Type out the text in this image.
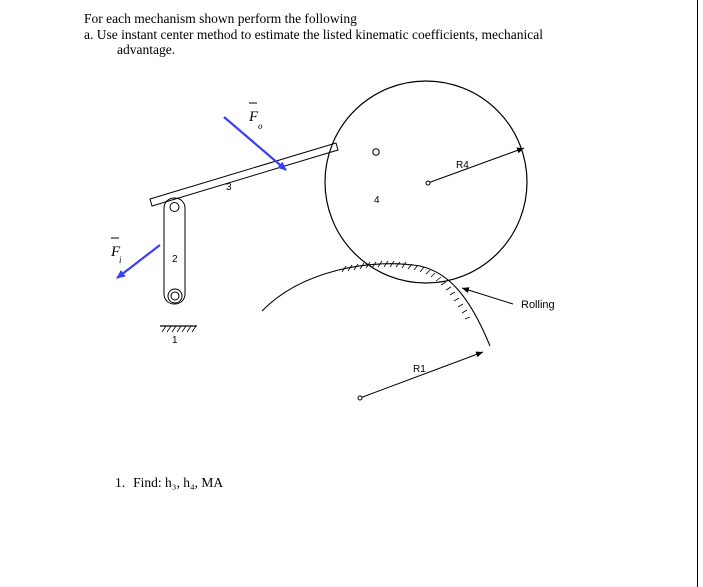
For each mechanism shown perform the following

a. Use instant center method to estimate the listed kinematic coefficients, mechanical

advantage.

4
R4
3
2
1
R1
Rolling
F
o
F
i

1. Find: h₃, h₄, MA
